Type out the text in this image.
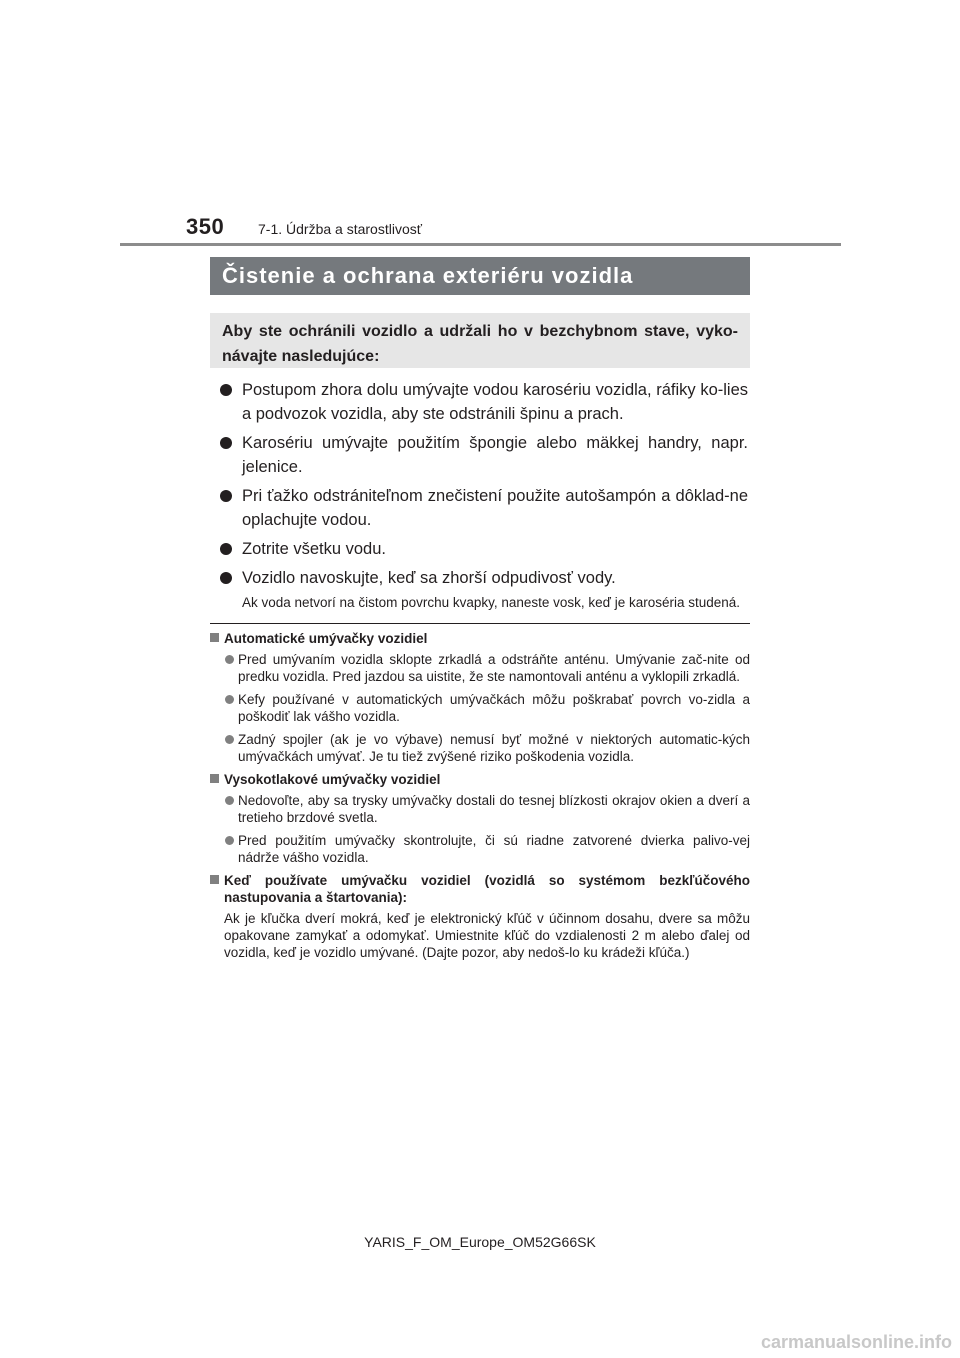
350 7-1. Údržba a starostlivosť
Čistenie a ochrana exteriéru vozidla
Aby ste ochránili vozidlo a udržali ho v bezchybnom stave, vyko-návajte nasledujúce:
Postupom zhora dolu umývajte vodou karosériu vozidla, ráfiky ko-lies a podvozok vozidla, aby ste odstránili špinu a prach.
Karosériu umývajte použitím špongie alebo mäkkej handry, napr. jelenice.
Pri ťažko odstrániteľnom znečistení použite autošampón a dôklad-ne oplachujte vodou.
Zotrite všetku vodu.
Vozidlo navoskujte, keď sa zhorší odpudivosť vody.
Ak voda netvorí na čistom povrchu kvapky, naneste vosk, keď je karoséria studená.
Automatické umývačky vozidiel
Pred umývaním vozidla sklopte zrkadlá a odstráňte anténu. Umývanie zač-nite od predku vozidla. Pred jazdou sa uistite, že ste namontovali anténu a vyklopili zrkadlá.
Kefy používané v automatických umývačkách môžu poškrabať povrch vo-zidla a poškodiť lak vášho vozidla.
Zadný spojler (ak je vo výbave) nemusí byť možné v niektorých automatic-kých umývačkách umývať. Je tu tiež zvýšené riziko poškodenia vozidla.
Vysokotlakové umývačky vozidiel
Nedovoľte, aby sa trysky umývačky dostali do tesnej blízkosti okrajov okien a dverí a tretieho brzdové svetla.
Pred použitím umývačky skontrolujte, či sú riadne zatvorené dvierka palivo-vej nádrže vášho vozidla.
Keď používate umývačku vozidiel (vozidlá so systémom bezkľúčového nastupovania a štartovania):
Ak je kľučka dverí mokrá, keď je elektronický kľúč v účinnom dosahu, dvere sa môžu opakovane zamykať a odomykať. Umiestnite kľúč do vzdialenosti 2 m alebo ďalej od vozidla, keď je vozidlo umývané. (Dajte pozor, aby nedoš-lo ku krádeži kľúča.)
YARIS_F_OM_Europe_OM52G66SK
carmanualsonline.info
